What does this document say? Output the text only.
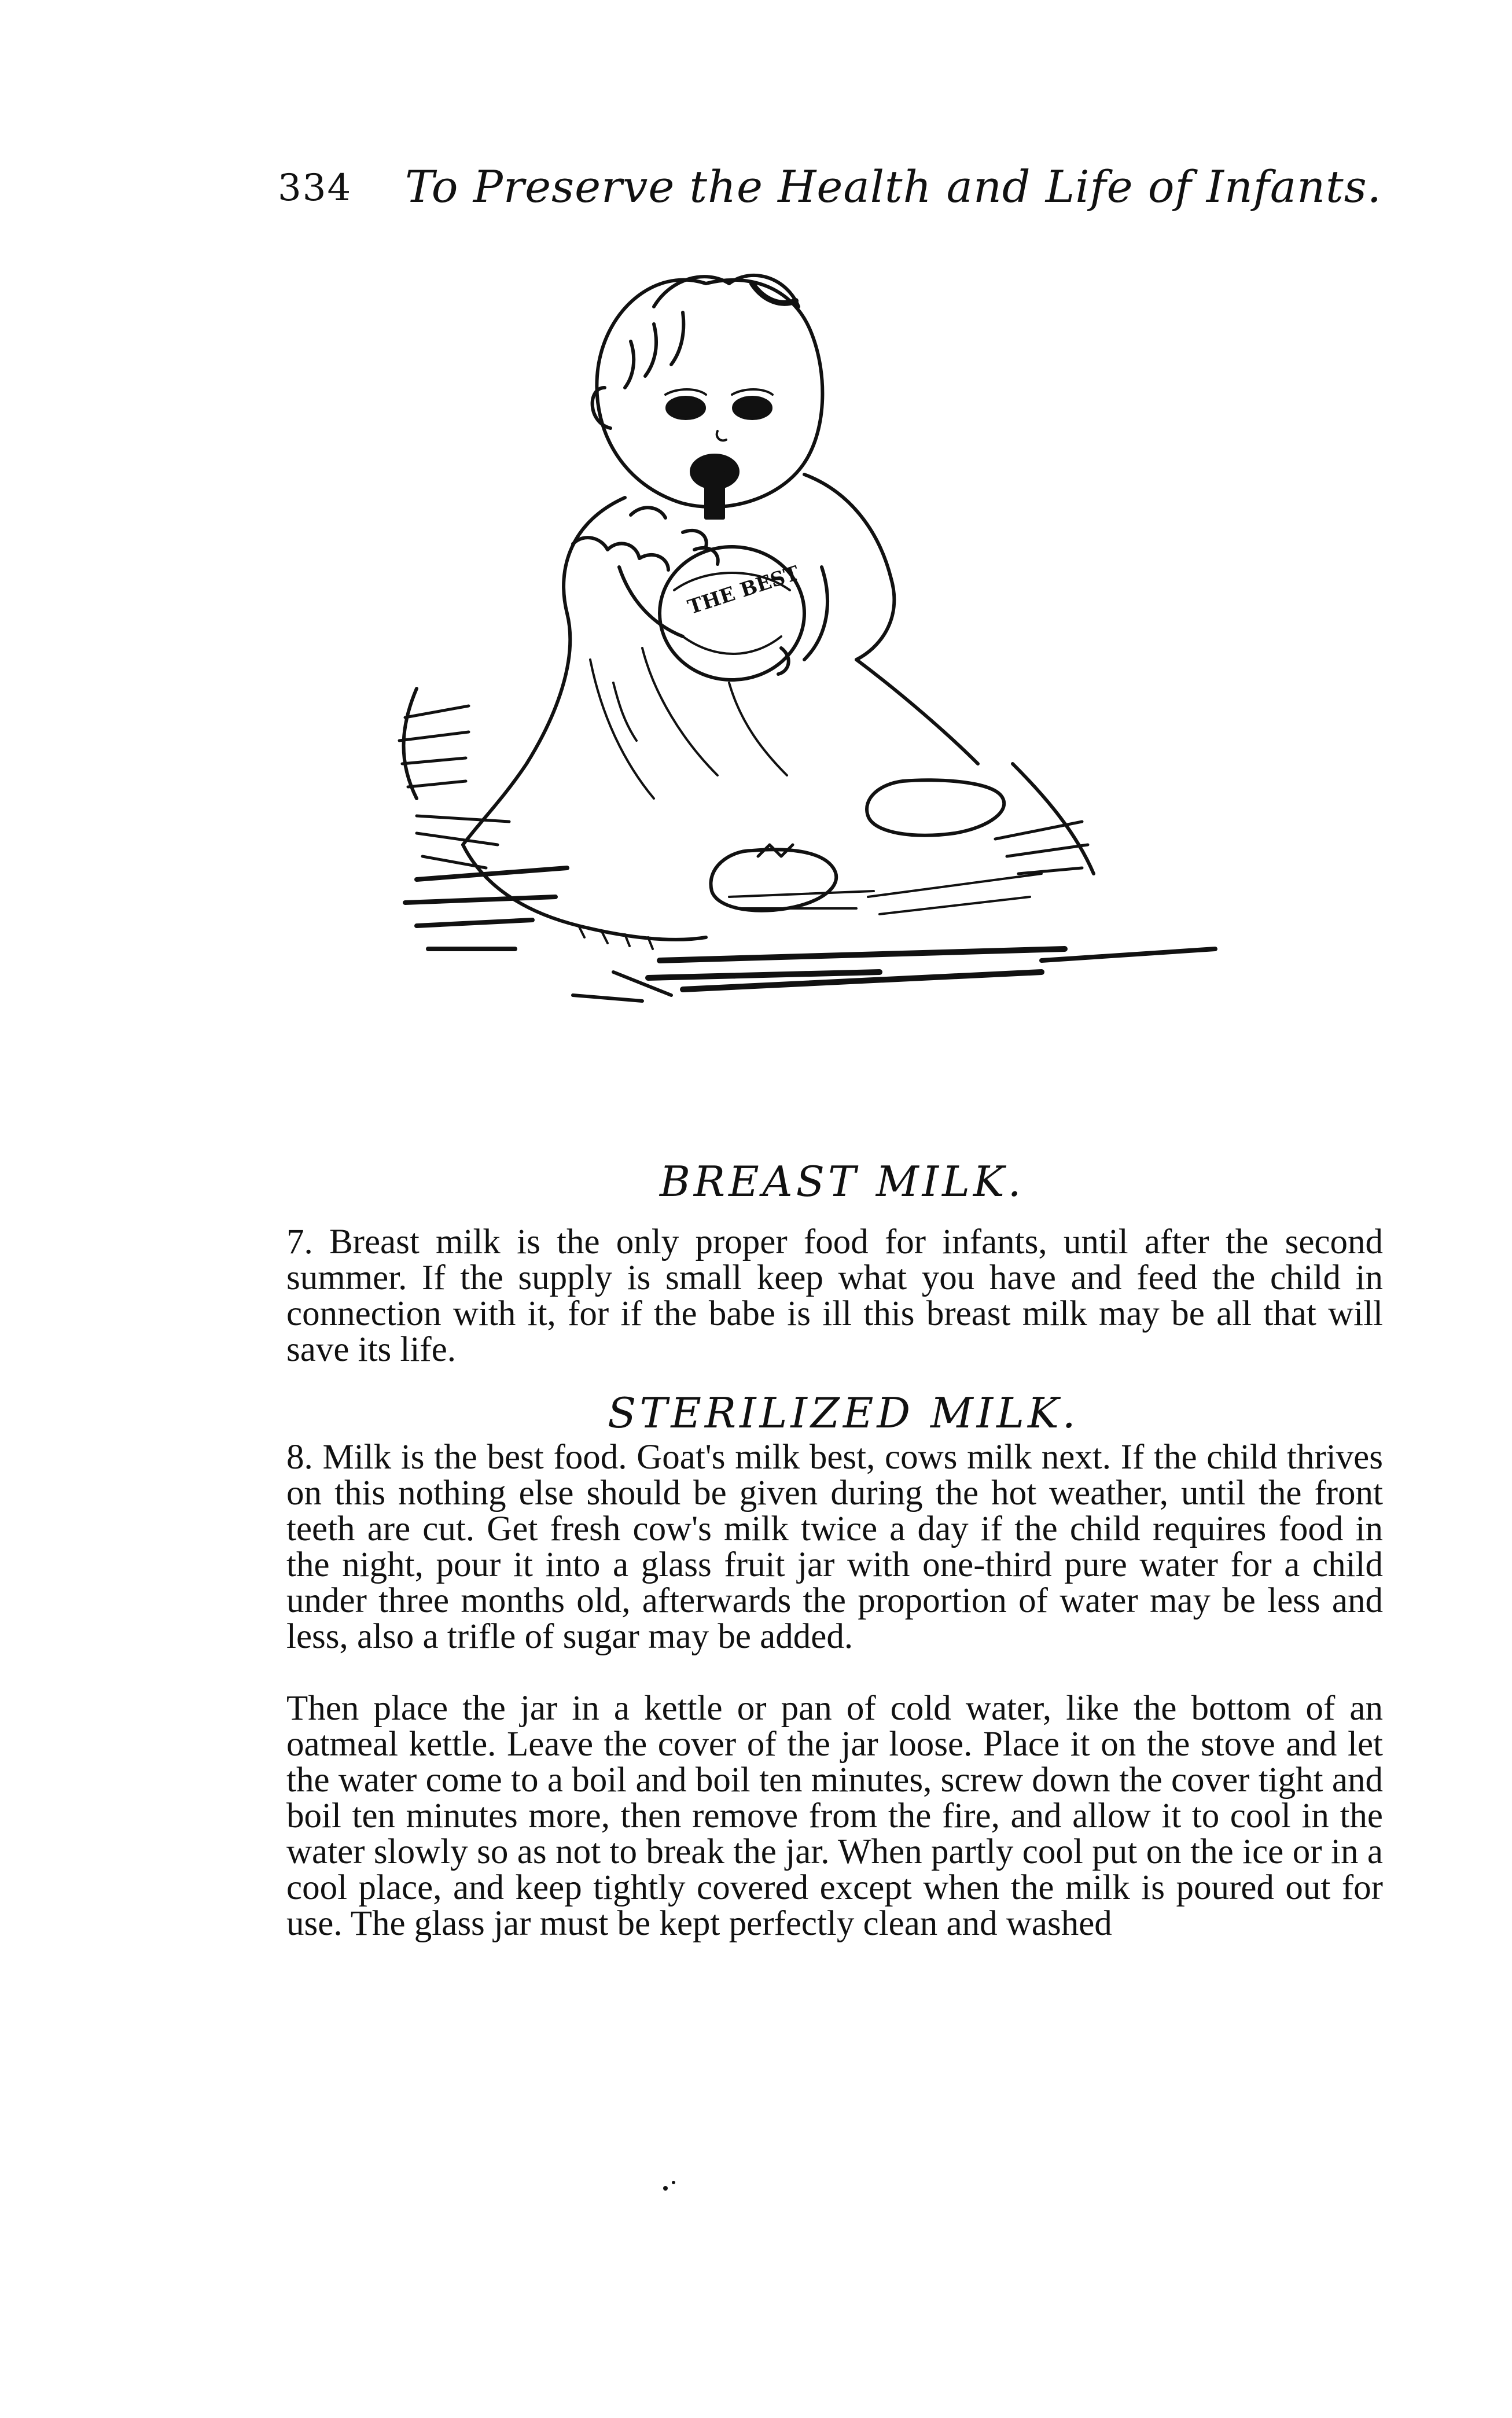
334 To Preserve the Health and Life of Infants.
THE BEST
BREAST MILK.
7. Breast milk is the only proper food for infants, until after the second summer. If the supply is small keep what you have and feed the child in connection with it, for if the babe is ill this breast milk may be all that will save its life.
STERILIZED MILK.
8. Milk is the best food. Goat's milk best, cows milk next. If the child thrives on this nothing else should be given during the hot weather, until the front teeth are cut. Get fresh cow's milk twice a day if the child requires food in the night, pour it into a glass fruit jar with one-third pure water for a child under three months old, afterwards the proportion of water may be less and less, also a trifle of sugar may be added.
Then place the jar in a kettle or pan of cold water, like the bottom of an oatmeal kettle. Leave the cover of the jar loose. Place it on the stove and let the water come to a boil and boil ten minutes, screw down the cover tight and boil ten minutes more, then remove from the fire, and allow it to cool in the water slowly so as not to break the jar. When partly cool put on the ice or in a cool place, and keep tightly covered except when the milk is poured out for use. The glass jar must be kept perfectly clean and washed
